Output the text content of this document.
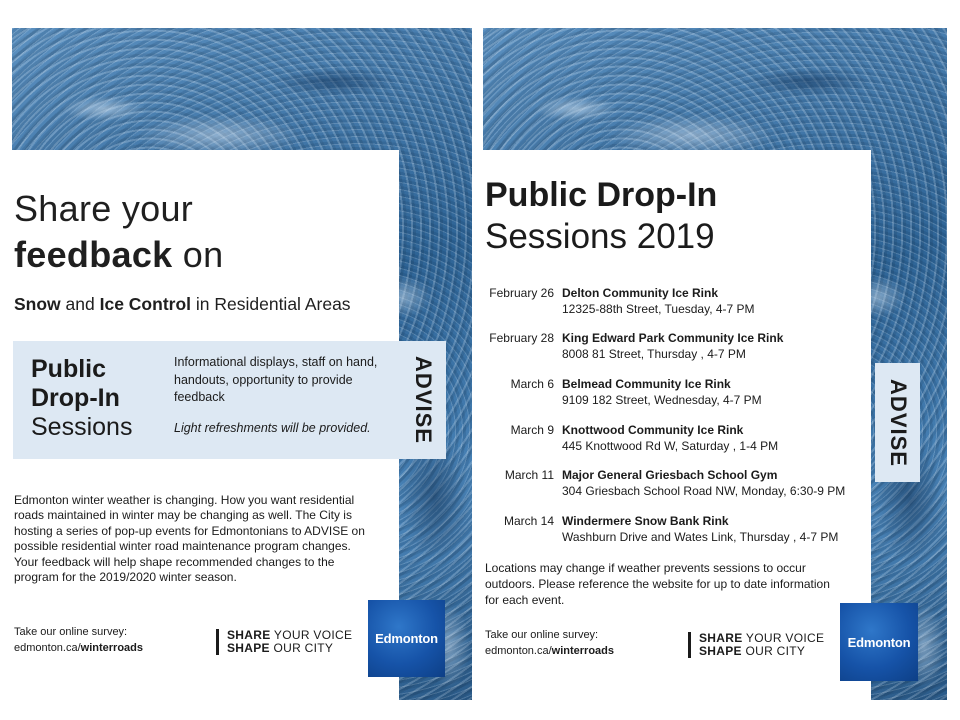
Share your
feedback on
Snow and Ice Control in Residential Areas
Public
Drop-In
Sessions
Informational displays, staff on hand, handouts, opportunity to provide feedback
Light refreshments will be provided. ADVISE
Edmonton winter weather is changing. How you want residential roads maintained in winter may be changing as well. The City is hosting a series of pop-up events for Edmontonians to ADVISE on possible residential winter road maintenance program changes. Your feedback will help shape recommended changes to the program for the 2019/2020 winter season.
Take our online survey:
edmonton.ca/winterroads
SHARE YOUR VOICE
SHAPE OUR CITY
Edmonton
Public Drop-In
Sessions 2019
February 26 Delton Community Ice Rink
12325-88th Street, Tuesday, 4-7 PM
February 28 King Edward Park Community Ice Rink
8008 81 Street, Thursday , 4-7 PM
March 6 Belmead Community Ice Rink
9109 182 Street, Wednesday, 4-7 PM
March 9 Knottwood Community Ice Rink
445 Knottwood Rd W, Saturday , 1-4 PM
March 11 Major General Griesbach School Gym
304 Griesbach School Road NW, Monday, 6:30-9 PM
March 14 Windermere Snow Bank Rink
Washburn Drive and Wates Link, Thursday , 4-7 PM
Locations may change if weather prevents sessions to occur outdoors. Please reference the website for up to date information for each event.
ADVISE
Take our online survey:
edmonton.ca/winterroads
SHARE YOUR VOICE
SHAPE OUR CITY
Edmonton
